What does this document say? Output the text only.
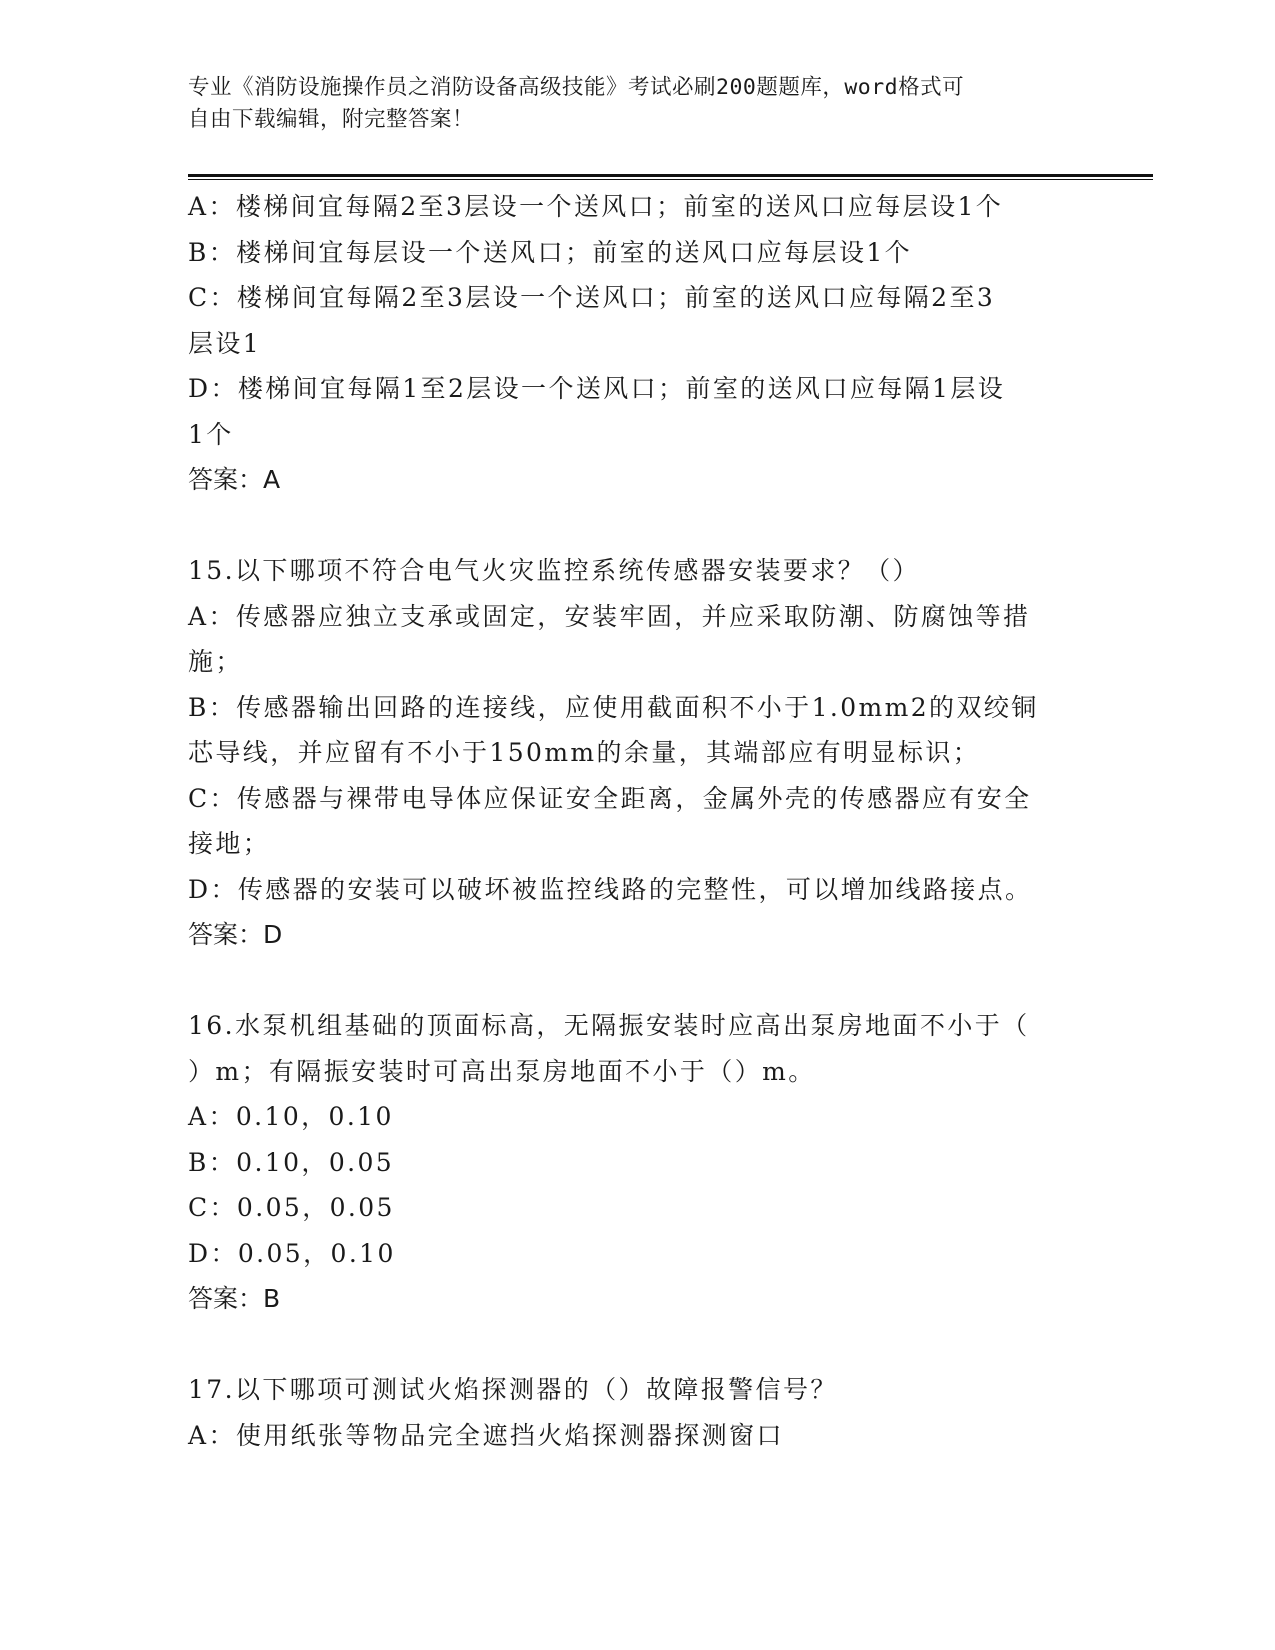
专业《消防设施操作员之消防设备高级技能》考试必刷200题题库，word格式可

自由下载编辑，附完整答案！

A：楼梯间宜每隔2至3层设一个送风口；前室的送风口应每层设1个

B：楼梯间宜每层设一个送风口；前室的送风口应每层设1个

C：楼梯间宜每隔2至3层设一个送风口；前室的送风口应每隔2至3

层设1

D：楼梯间宜每隔1至2层设一个送风口；前室的送风口应每隔1层设

1个

答案：A

15.以下哪项不符合电气火灾监控系统传感器安装要求？（）

A：传感器应独立支承或固定，安装牢固，并应采取防潮、防腐蚀等措

施；

B：传感器输出回路的连接线，应使用截面积不小于1.0mm2的双绞铜

芯导线，并应留有不小于150mm的余量，其端部应有明显标识；

C：传感器与裸带电导体应保证安全距离，金属外壳的传感器应有安全

接地；

D：传感器的安装可以破坏被监控线路的完整性，可以增加线路接点。

答案：D

16.水泵机组基础的顶面标高，无隔振安装时应高出泵房地面不小于（

）m；有隔振安装时可高出泵房地面不小于（）m。

A：0.10，0.10

B：0.10，0.05

C：0.05，0.05

D：0.05，0.10

答案：B

17.以下哪项可测试火焰探测器的（）故障报警信号？

A：使用纸张等物品完全遮挡火焰探测器探测窗口
